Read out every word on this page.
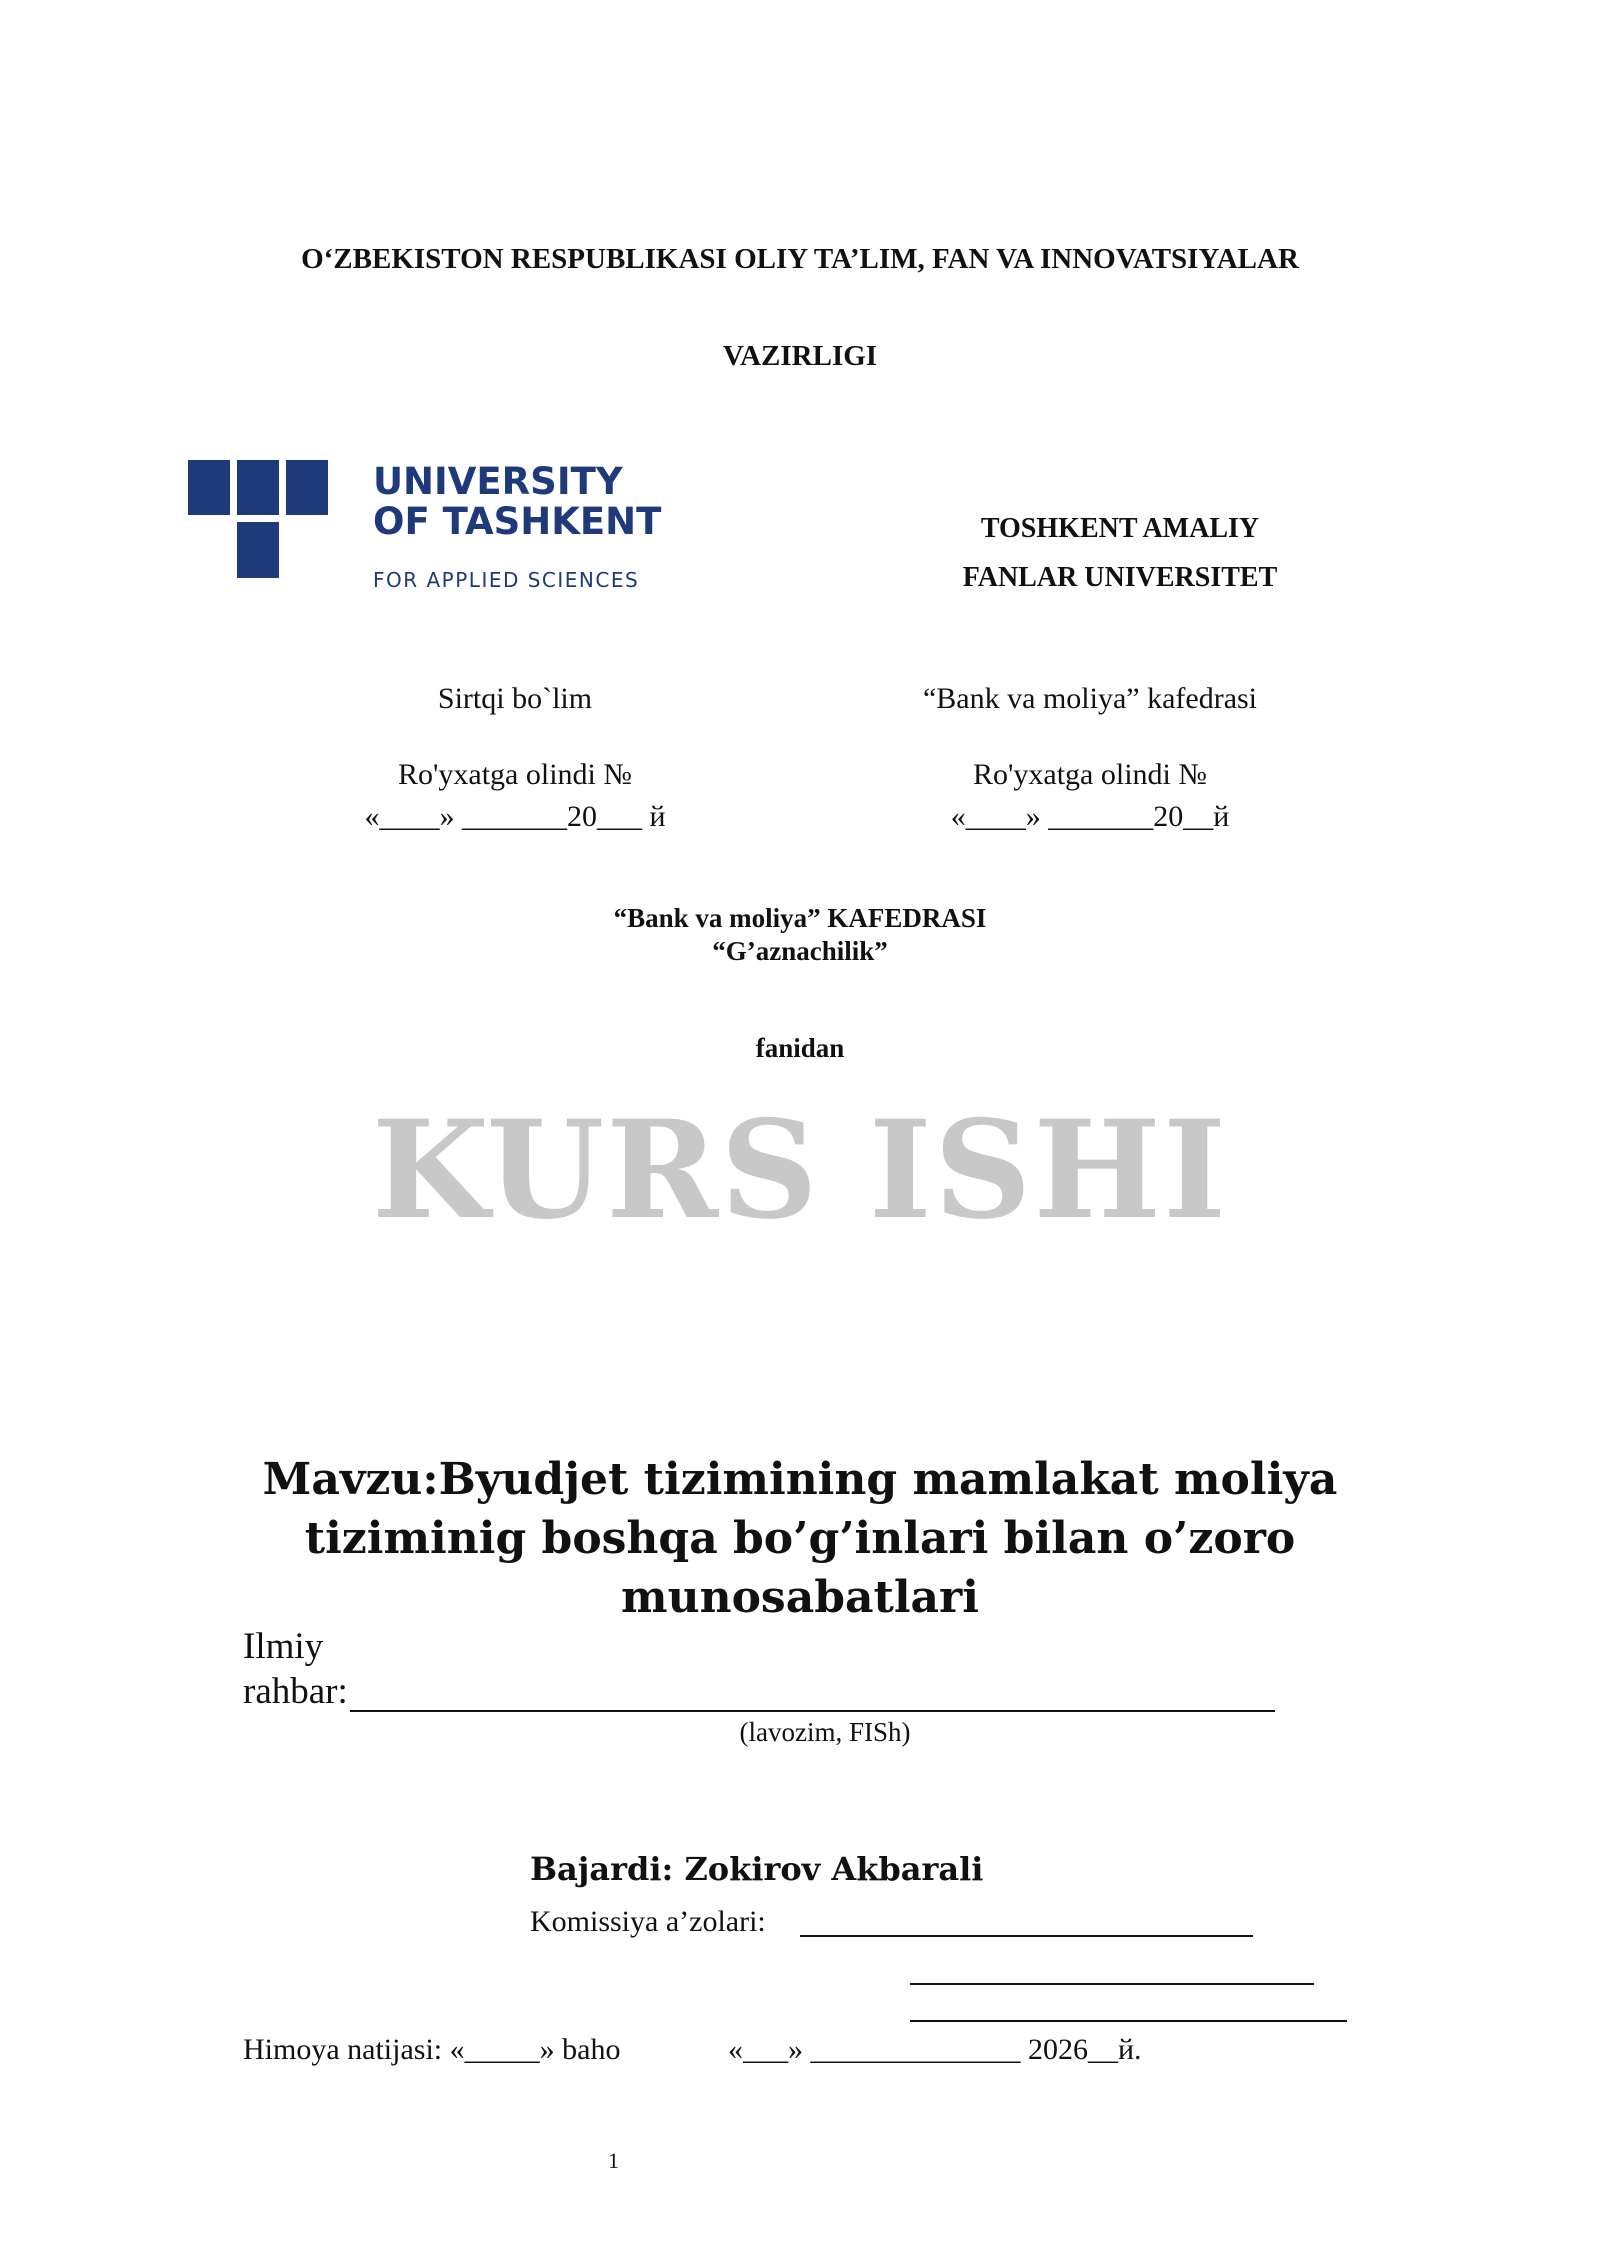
O‘ZBEKISTON RESPUBLIKASI OLIY TA’LIM, FAN VA INNOVATSIYALAR
VAZIRLIGI
UNIVERSITY
OF TASHKENT
FOR APPLIED SCIENCES
TOSHKENT AMALIY
FANLAR UNIVERSITET
Sirtqi bo`lim
Ro'yxatga olindi №
«____» _______20___ й
“Bank va moliya” kafedrasi
Ro'yxatga olindi №
«____» _______20__й
“Bank va moliya” KAFEDRASI
“G’aznachilik”
fanidan
KURS ISHI
Mavzu:Byudjet tizimining mamlakat moliya tiziminig boshqa bo’g’inlari bilan o’zoro munosabatlari
Ilmiy
rahbar:
(lavozim, FISh)
Bajardi: Zokirov Akbarali
Komissiya a’zolari:
Himoya natijasi: «_____» baho	«___» ______________ 2026__й.
1
